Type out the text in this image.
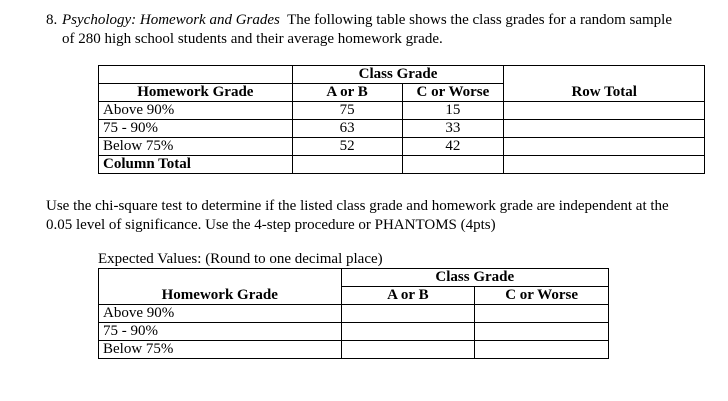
8. Psychology: Homework and Grades The following table shows the class grades for a random sample
of 280 high school students and their average homework grade.
	Class Grade		
Homework Grade	A or B	C or Worse	Row Total
Above 90%	75	15	
75 - 90%	63	33	
Below 75%	52	42	
Column Total			
Use the chi-square test to determine if the listed class grade and homework grade are independent at the
0.05 level of significance. Use the 4-step procedure or PHANTOMS (4pts)
Expected Values: (Round to one decimal place)
	Class Grade	
Homework Grade	A or B	C or Worse
Above 90%		
75 - 90%		
Below 75%		
